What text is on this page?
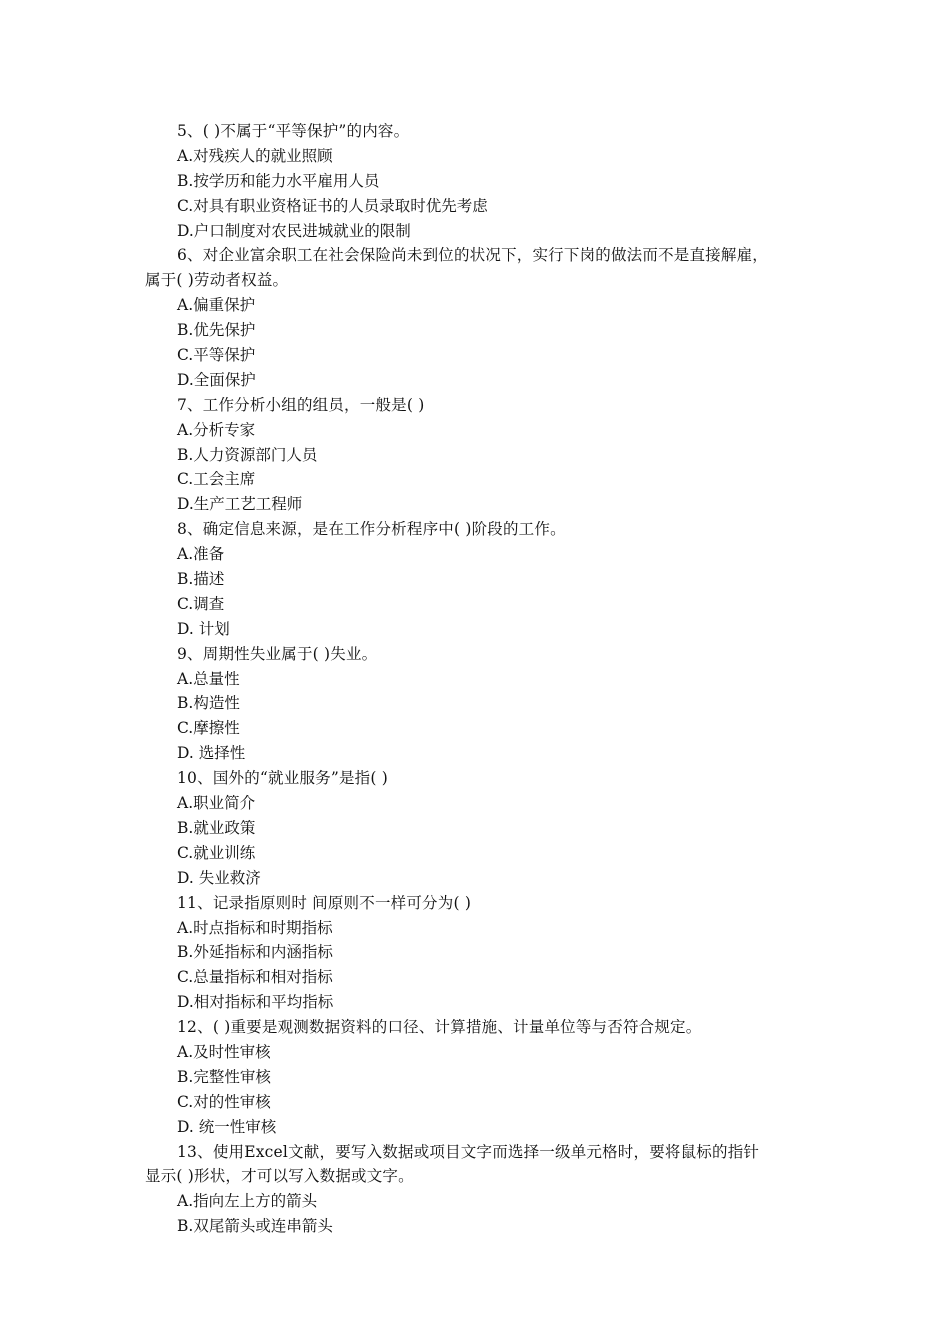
5、( )不属于“平等保护”的内容。
A.对残疾人的就业照顾
B.按学历和能力水平雇用人员
C.对具有职业资格证书的人员录取时优先考虑
D.户口制度对农民进城就业的限制
6、对企业富余职工在社会保险尚未到位的状况下，实行下岗的做法而不是直接解雇，
属于( )劳动者权益。
A.偏重保护
B.优先保护
C.平等保护
D.全面保护
7、工作分析小组的组员，一般是( )
A.分析专家
B.人力资源部门人员
C.工会主席
D.生产工艺工程师
8、确定信息来源，是在工作分析程序中( )阶段的工作。
A.准备
B.描述
C.调查
D. 计划
9、周期性失业属于( )失业。
A.总量性
B.构造性
C.摩擦性
D. 选择性
10、国外的“就业服务”是指( )
A.职业简介
B.就业政策
C.就业训练
D. 失业救济
11、记录指原则时 间原则不一样可分为( )
A.时点指标和时期指标
B.外延指标和内涵指标
C.总量指标和相对指标
D.相对指标和平均指标
12、( )重要是观测数据资料的口径、计算措施、计量单位等与否符合规定。
A.及时性审核
B.完整性审核
C.对的性审核
D. 统一性审核
13、使用Excel文献，要写入数据或项目文字而选择一级单元格时，要将鼠标的指针
显示( )形状，才可以写入数据或文字。
A.指向左上方的箭头
B.双尾箭头或连串箭头
